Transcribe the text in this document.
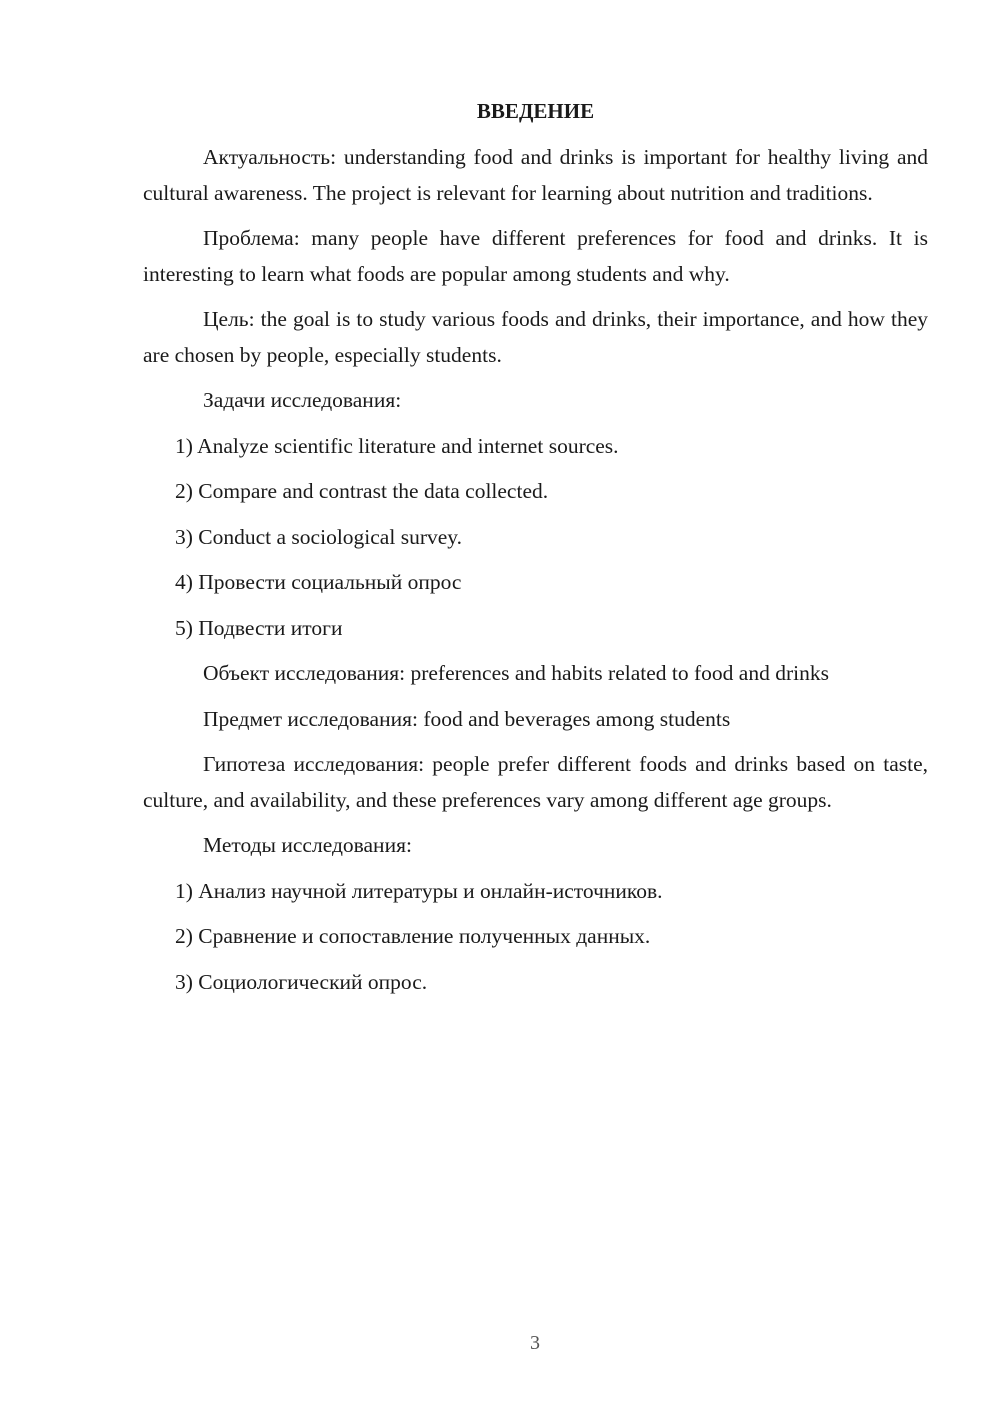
ВВЕДЕНИЕ

Актуальность: understanding food and drinks is important for healthy living and cultural awareness. The project is relevant for learning about nutrition and traditions.

Проблема: many people have different preferences for food and drinks. It is interesting to learn what foods are popular among students and why.

Цель: the goal is to study various foods and drinks, their importance, and how they are chosen by people, especially students.

Задачи исследования:

1) Analyze scientific literature and internet sources.

2) Compare and contrast the data collected.

3) Conduct a sociological survey.

4) Провести социальный опрос

5) Подвести итоги

Объект исследования: preferences and habits related to food and drinks

Предмет исследования: food and beverages among students

Гипотеза исследования: people prefer different foods and drinks based on taste, culture, and availability, and these preferences vary among different age groups.

Методы исследования:

1) Анализ научной литературы и онлайн-источников.

2) Сравнение и сопоставление полученных данных.

3) Социологический опрос.

3
